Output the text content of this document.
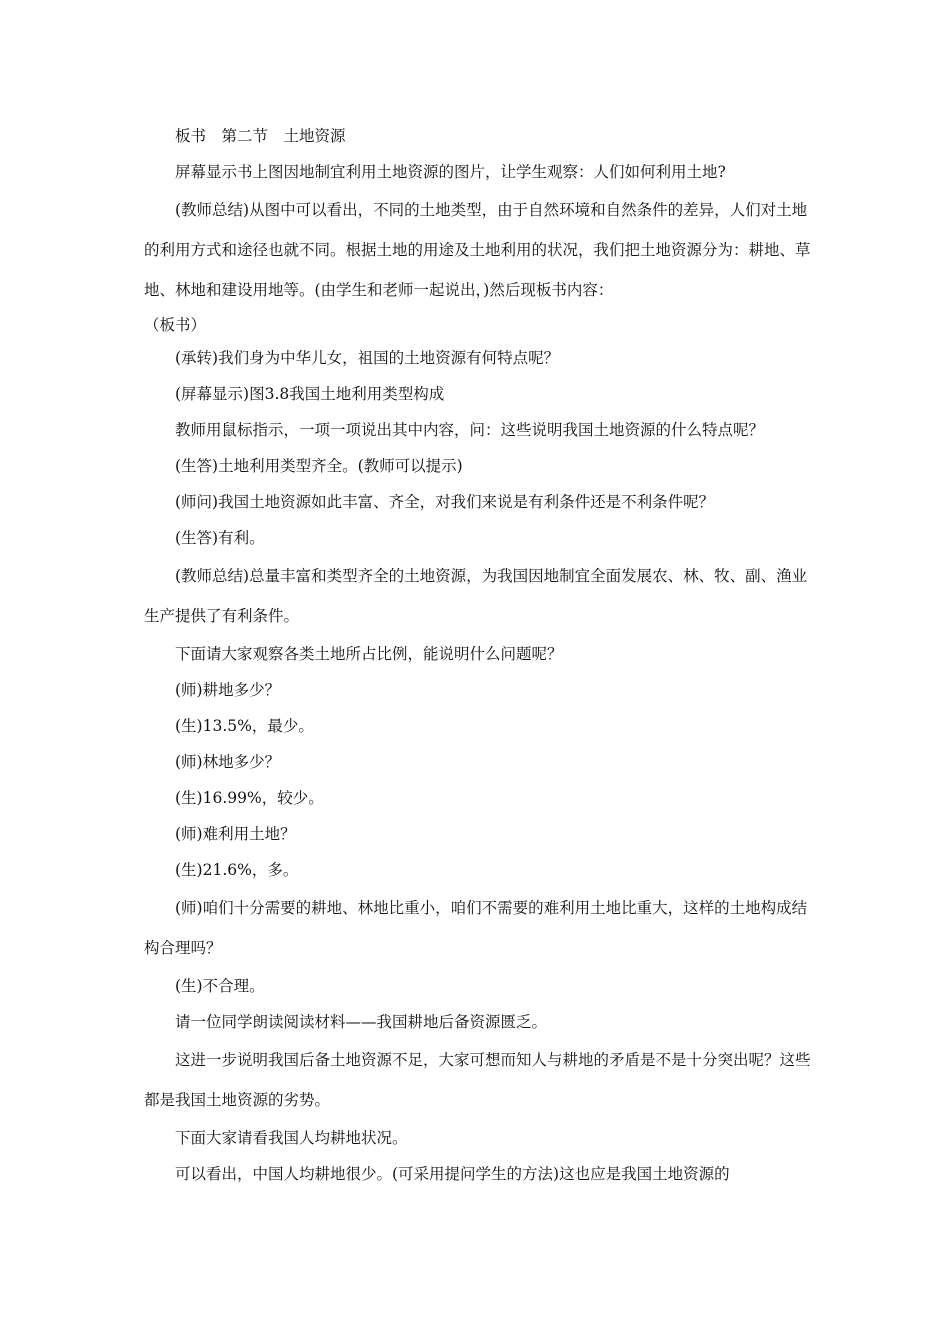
板书　第二节　土地资源

屏幕显示书上图因地制宜利用土地资源的图片，让学生观察：人们如何利用土地?

(教师总结)从图中可以看出，不同的土地类型，由于自然环境和自然条件的差异，人们对土地的利用方式和途径也就不同。根据土地的用途及土地利用的状况，我们把土地资源分为：耕地、草地、林地和建设用地等。(由学生和老师一起说出，)然后现板书内容：

（板书）

(承转)我们身为中华儿女，祖国的土地资源有何特点呢？

(屏幕显示)图3.8我国土地利用类型构成

教师用鼠标指示，一项一项说出其中内容，问：这些说明我国土地资源的什么特点呢？

(生答)土地利用类型齐全。(教师可以提示)

(师问)我国土地资源如此丰富、齐全，对我们来说是有利条件还是不利条件呢？

(生答)有利。

(教师总结)总量丰富和类型齐全的土地资源，为我国因地制宜全面发展农、林、牧、副、渔业生产提供了有利条件。

下面请大家观察各类土地所占比例，能说明什么问题呢？

(师)耕地多少？

(生)13.5%，最少。

(师)林地多少？

(生)16.99%，较少。

(师)难利用土地？

(生)21.6%，多。

(师)咱们十分需要的耕地、林地比重小，咱们不需要的难利用土地比重大，这样的土地构成结构合理吗？

(生)不合理。

请一位同学朗读阅读材料——我国耕地后备资源匮乏。

这进一步说明我国后备土地资源不足，大家可想而知人与耕地的矛盾是不是十分突出呢？这些都是我国土地资源的劣势。

下面大家请看我国人均耕地状况。

可以看出，中国人均耕地很少。(可采用提问学生的方法)这也应是我国土地资源的
